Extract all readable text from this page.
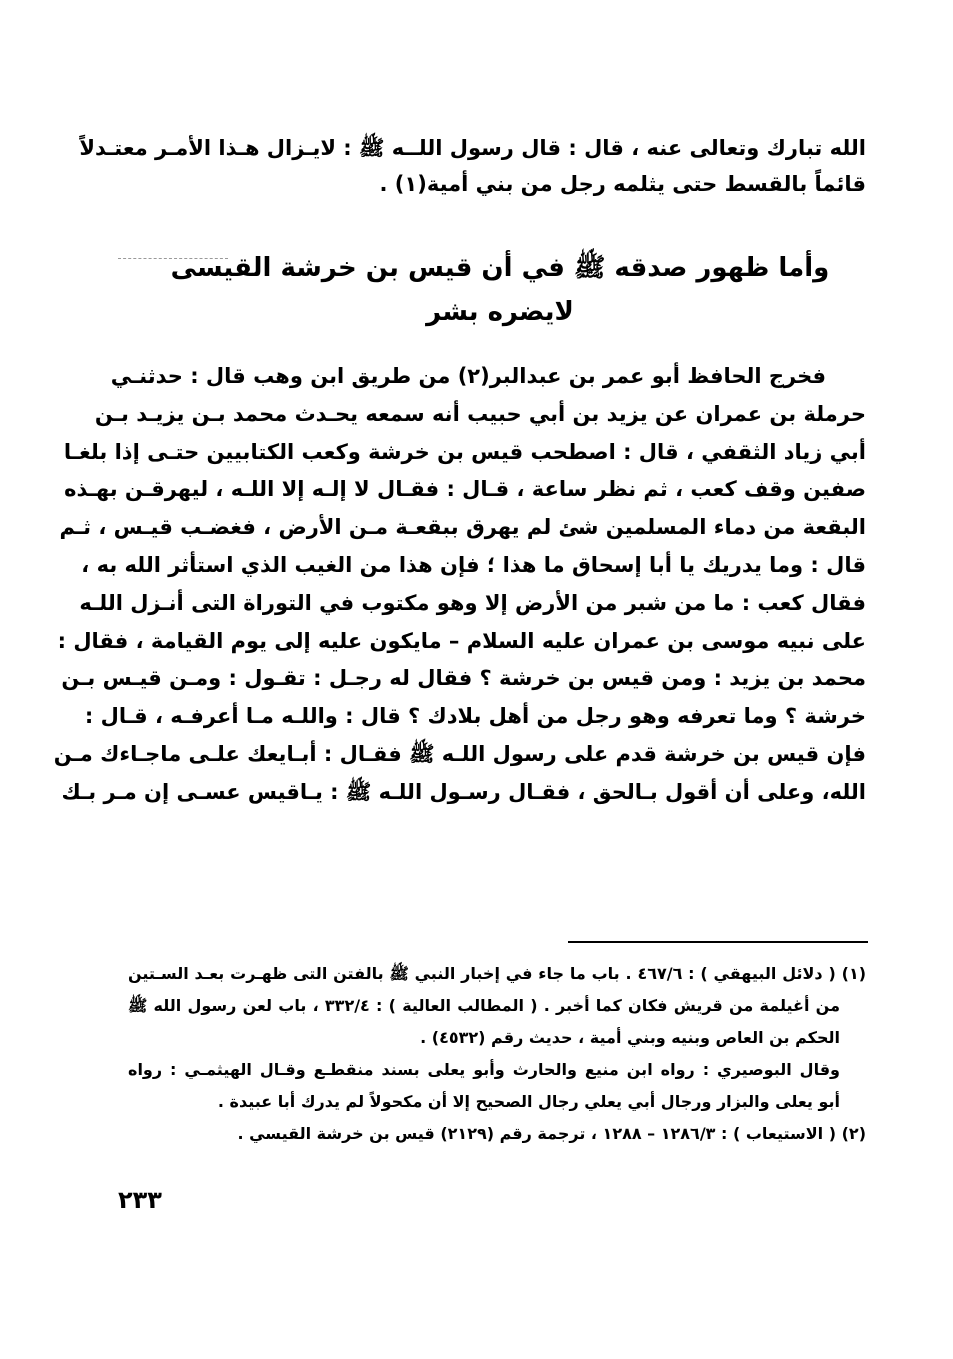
الله تبارك وتعالى عنه ، قال : قال رسول اللــه ﷺ : لايـزال هـذا الأمـر معتـدلاً
قائماً بالقسط حتى يثلمه رجل من بني أمية(١) .
وأما ظهور صدقه ﷺ في أن قيس بن خرشة القيسى
لايضره بشر
فخرج الحافظ أبو عمر بن عبدالبر(٢) من طريق ابن وهب قال : حدثنـي
حرملة بن عمران عن يزيد بن أبي حبيب أنه سمعه يحـدث محمد بـن يزيـد بـن
أبي زياد الثقفي ، قال : اصطحب قيس بن خرشة وكعب الكتابيين حتـى إذا بلغـا
صفين وقف كعب ، ثم نظر ساعة ، قـال : فقـال لا إلـه إلا اللـه ، ليهرقـن بهـذه
البقعة من دماء المسلمين شئ لم يهرق ببقعـة مـن الأرض ، فغضـب قيـس ، ثـم
قال : وما يدريك يا أبا إسحاق ما هذا ؛ فإن هذا من الغيب الذي استأثر الله به ،
فقال كعب : ما من شبر من الأرض إلا وهو مكتوب في التوراة التى أنـزل اللـه
على نبيه موسى بن عمران عليه السلام – مايكون عليه إلى يوم القيامة ، فقال :
محمد بن يزيد : ومن قيس بن خرشة ؟ فقال له رجـل : تقـول : ومـن قيـس بـن
خرشة ؟ وما تعرفه وهو رجل من أهل بلادك ؟ قال : واللـه مـا أعرفـه ، قـال :
فإن قيس بن خرشة قدم على رسول اللـه ﷺ فقـال : أبـايعك علـى ماجـاءك مـن
الله، وعلى أن أقول بـالحق ، فقـال رسـول اللـه ﷺ : يـاقيس عسـى إن مـر بـك
(١) ( دلائل البيهقي ) : ٤٦٧/٦ . باب ما جاء في إخبار النبي ﷺ بالفتن التى ظهـرت بعـد السـتين
من أغيلمة من قريش فكان كما أخبر . ( المطالب العالية ) : ٣٣٢/٤ ، باب لعن رسول الله ﷺ
الحكم بن العاص وبنيه وبني أمية ، حديث رقم (٤٥٣٢) .
وقال البوصيري : رواه ابن منيع والحارث وأبو يعلى بسند منقطـع وقـال الهيثمـي : رواه
أبو يعلى والبزار ورجال أبي يعلي رجال الصحيح إلا أن مكحولاً لم يدرك أبا عبيدة .
(٢) ( الاستيعاب ) : ١٢٨٦/٣ – ١٢٨٨ ، ترجمة رقم (٢١٢٩) قيس بن خرشة القيسي .
٢٣٣
